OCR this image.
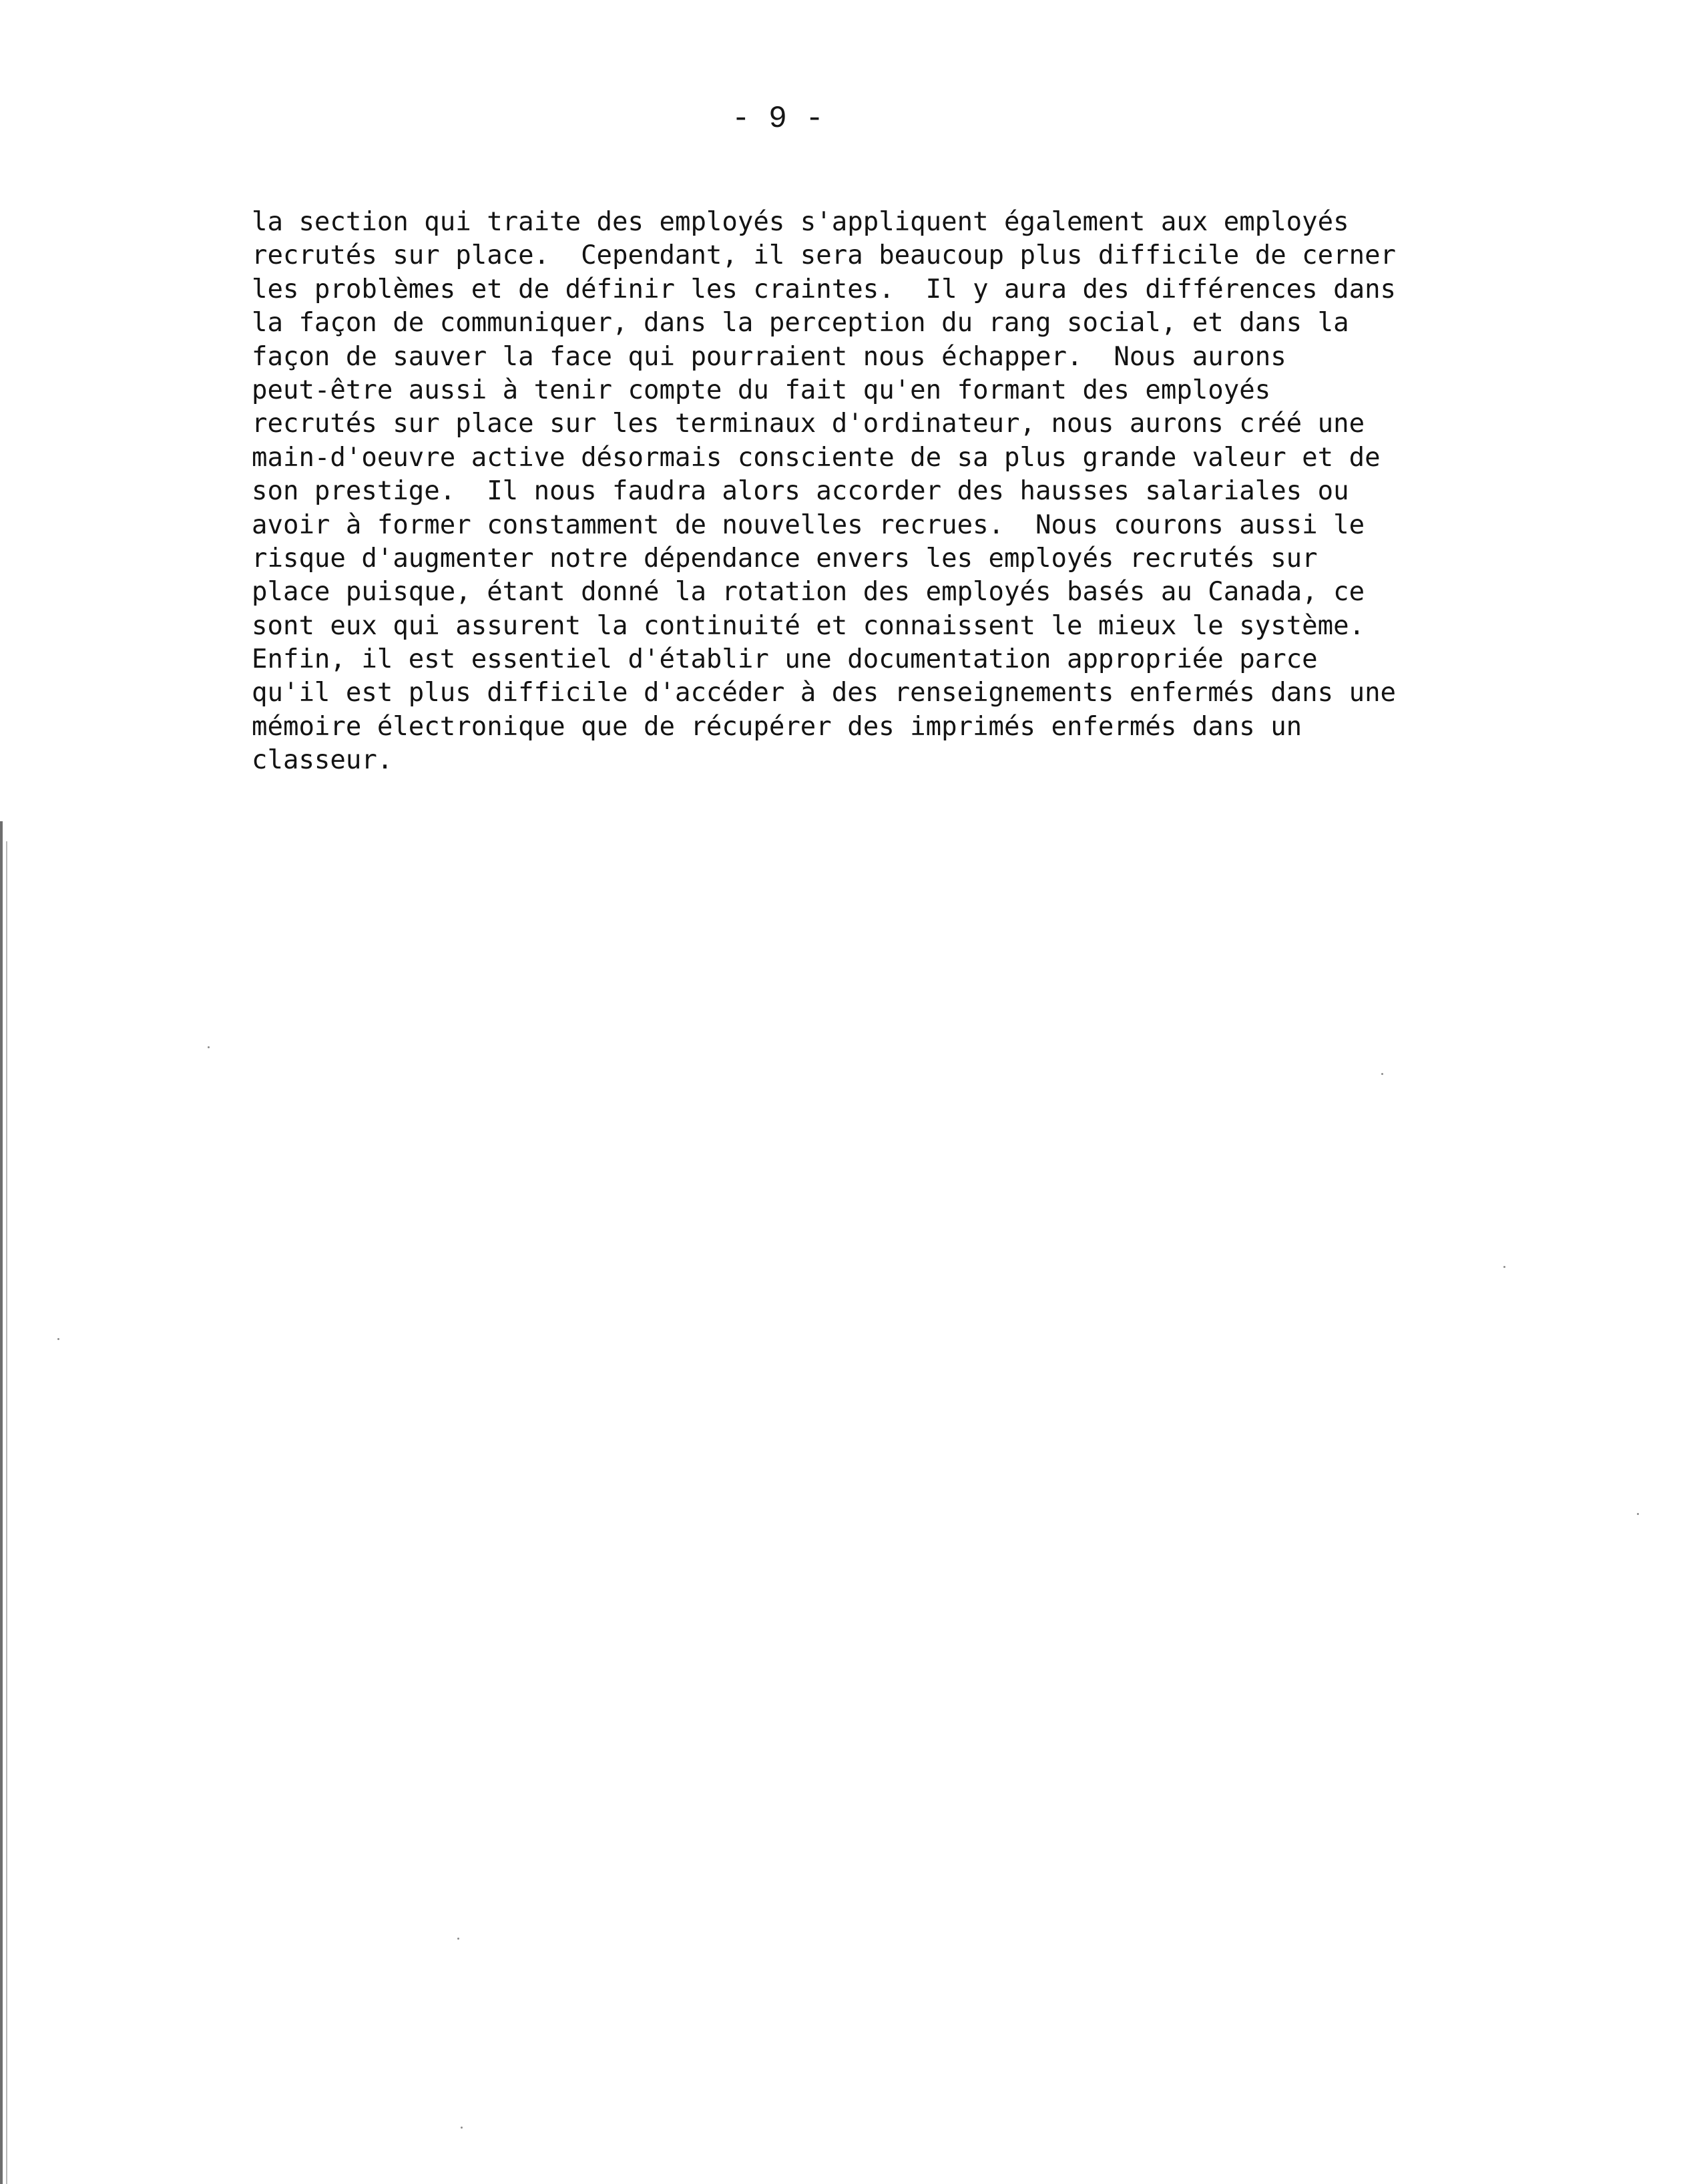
- 9 -
la section qui traite des employés s'appliquent également aux employés
recrutés sur place.  Cependant, il sera beaucoup plus difficile de cerner
les problèmes et de définir les craintes.  Il y aura des différences dans
la façon de communiquer, dans la perception du rang social, et dans la
façon de sauver la face qui pourraient nous échapper.  Nous aurons
peut-être aussi à tenir compte du fait qu'en formant des employés
recrutés sur place sur les terminaux d'ordinateur, nous aurons créé une
main-d'oeuvre active désormais consciente de sa plus grande valeur et de
son prestige.  Il nous faudra alors accorder des hausses salariales ou
avoir à former constamment de nouvelles recrues.  Nous courons aussi le
risque d'augmenter notre dépendance envers les employés recrutés sur
place puisque, étant donné la rotation des employés basés au Canada, ce
sont eux qui assurent la continuité et connaissent le mieux le système.
Enfin, il est essentiel d'établir une documentation appropriée parce
qu'il est plus difficile d'accéder à des renseignements enfermés dans une
mémoire électronique que de récupérer des imprimés enfermés dans un
classeur.
